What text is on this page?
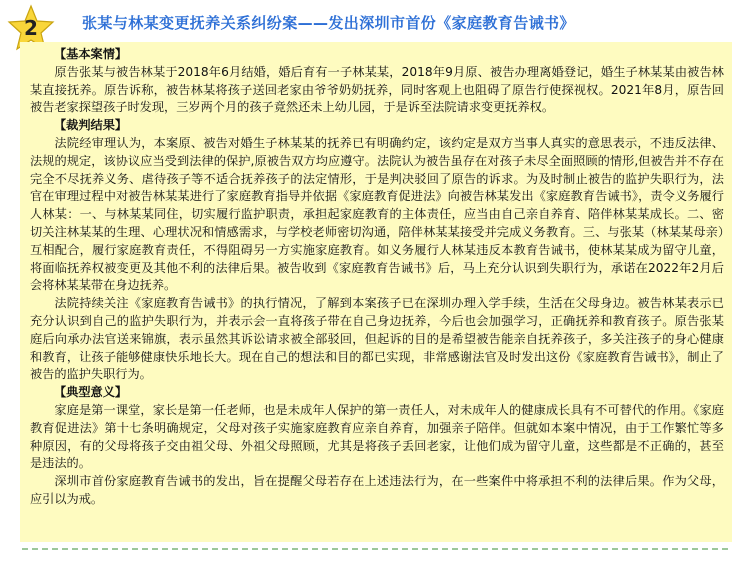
2	张某与林某变更抚养关系纠纷案——发出深圳市首份《家庭教育告诫书》
【基本案情】

原告张某与被告林某于2018年6月结婚，婚后育有一子林某某，2018年9月原、被告办理离婚登记，婚生子林某某由被告林某直接抚养。原告诉称，被告林某将孩子送回老家由爷爷奶奶抚养，同时客观上也阻碍了原告行使探视权。2021年8月，原告回被告老家探望孩子时发现，三岁两个月的孩子竟然还未上幼儿园，于是诉至法院请求变更抚养权。

【裁判结果】

法院经审理认为，本案原、被告对婚生子林某某的抚养已有明确约定，该约定是双方当事人真实的意思表示，不违反法律、法规的规定，该协议应当受到法律的保护,原被告双方均应遵守。法院认为被告虽存在对孩子未尽全面照顾的情形,但被告并不存在完全不尽抚养义务、虐待孩子等不适合抚养孩子的法定情形，于是判决驳回了原告的诉求。为及时制止被告的监护失职行为，法官在审理过程中对被告林某某进行了家庭教育指导并依据《家庭教育促进法》向被告林某发出《家庭教育告诫书》，责令义务履行人林某：一、与林某某同住，切实履行监护职责，承担起家庭教育的主体责任，应当由自己亲自养育、陪伴林某某成长。二、密切关注林某某的生理、心理状况和情感需求，与学校老师密切沟通，陪伴林某某接受并完成义务教育。三、与张某（林某某母亲）互相配合，履行家庭教育责任，不得阻碍另一方实施家庭教育。如义务履行人林某违反本教育告诫书，使林某某成为留守儿童，将面临抚养权被变更及其他不利的法律后果。被告收到《家庭教育告诫书》后，马上充分认识到失职行为，承诺在2022年2月后会将林某某带在身边抚养。

法院持续关注《家庭教育告诫书》的执行情况，了解到本案孩子已在深圳办理入学手续，生活在父母身边。被告林某表示已充分认识到自己的监护失职行为，并表示会一直将孩子带在自己身边抚养，今后也会加强学习，正确抚养和教育孩子。原告张某庭后向承办法官送来锦旗，表示虽然其诉讼请求被全部驳回，但起诉的目的是希望被告能亲自抚养孩子，多关注孩子的身心健康和教育，让孩子能够健康快乐地长大。现在自己的想法和目的都已实现，非常感谢法官及时发出这份《家庭教育告诫书》，制止了被告的监护失职行为。

【典型意义】

家庭是第一课堂，家长是第一任老师，也是未成年人保护的第一责任人，对未成年人的健康成长具有不可替代的作用。《家庭教育促进法》第十七条明确规定，父母对孩子实施家庭教育应亲自养育，加强亲子陪伴。但就如本案中情况，由于工作繁忙等多种原因，有的父母将孩子交由祖父母、外祖父母照顾，尤其是将孩子丢回老家，让他们成为留守儿童，这些都是不正确的，甚至是违法的。

深圳市首份家庭教育告诫书的发出，旨在提醒父母若存在上述违法行为，在一些案件中将承担不利的法律后果。作为父母，应引以为戒。
